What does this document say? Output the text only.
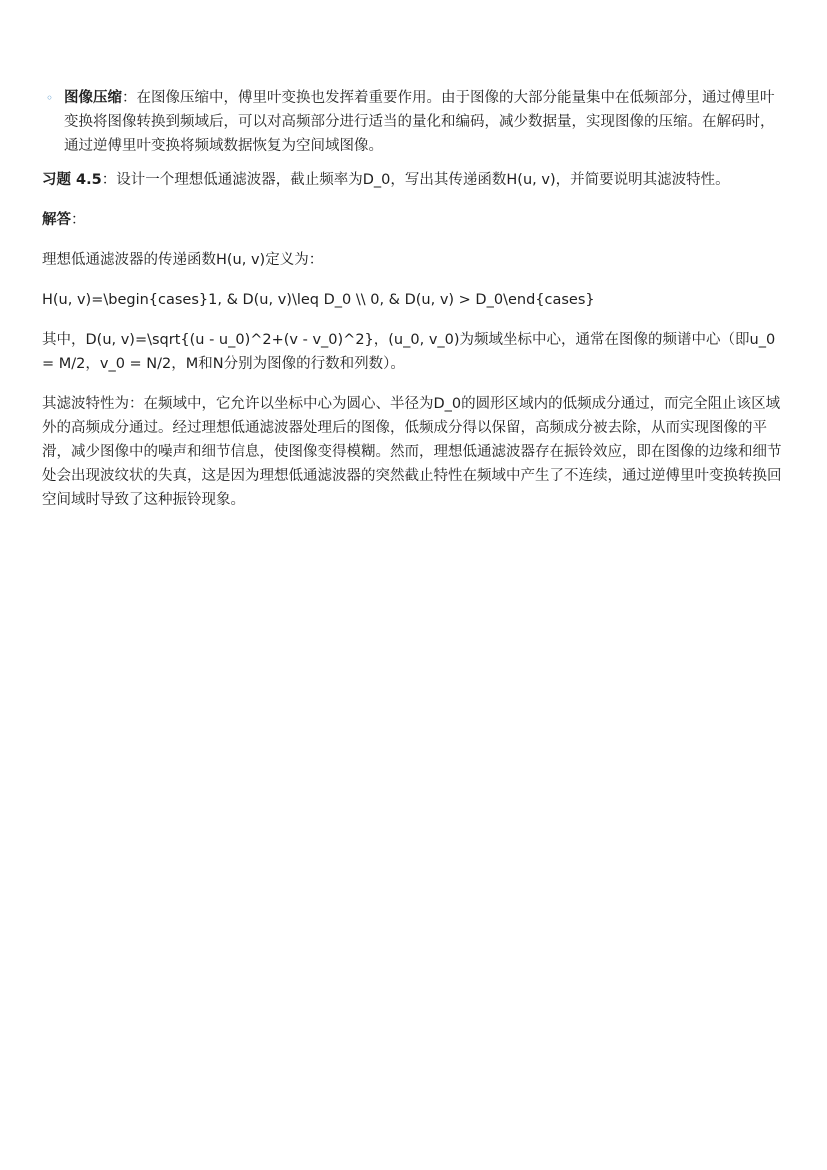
◦ 图像压缩：在图像压缩中，傅里叶变换也发挥着重要作用。由于图像的大部分能量集中在低频部分，通过傅里叶变换将图像转换到频域后，可以对高频部分进行适当的量化和编码，减少数据量，实现图像的压缩。在解码时，通过逆傅里叶变换将频域数据恢复为空间域图像。

习题 4.5：设计一个理想低通滤波器，截止频率为D_0，写出其传递函数H(u, v)，并简要说明其滤波特性。

解答：

理想低通滤波器的传递函数H(u, v)定义为：

H(u, v)=\begin{cases}1, & D(u, v)\leq D_0 \\ 0, & D(u, v) > D_0\end{cases}

其中，D(u, v)=\sqrt{(u - u_0)^2+(v - v_0)^2}，(u_0, v_0)为频域坐标中心，通常在图像的频谱中心（即u_0 = M/2，v_0 = N/2，M和N分别为图像的行数和列数）。

其滤波特性为：在频域中，它允许以坐标中心为圆心、半径为D_0的圆形区域内的低频成分通过，而完全阻止该区域外的高频成分通过。经过理想低通滤波器处理后的图像，低频成分得以保留，高频成分被去除，从而实现图像的平滑，减少图像中的噪声和细节信息，使图像变得模糊。然而，理想低通滤波器存在振铃效应，即在图像的边缘和细节处会出现波纹状的失真，这是因为理想低通滤波器的突然截止特性在频域中产生了不连续，通过逆傅里叶变换转换回空间域时导致了这种振铃现象。
